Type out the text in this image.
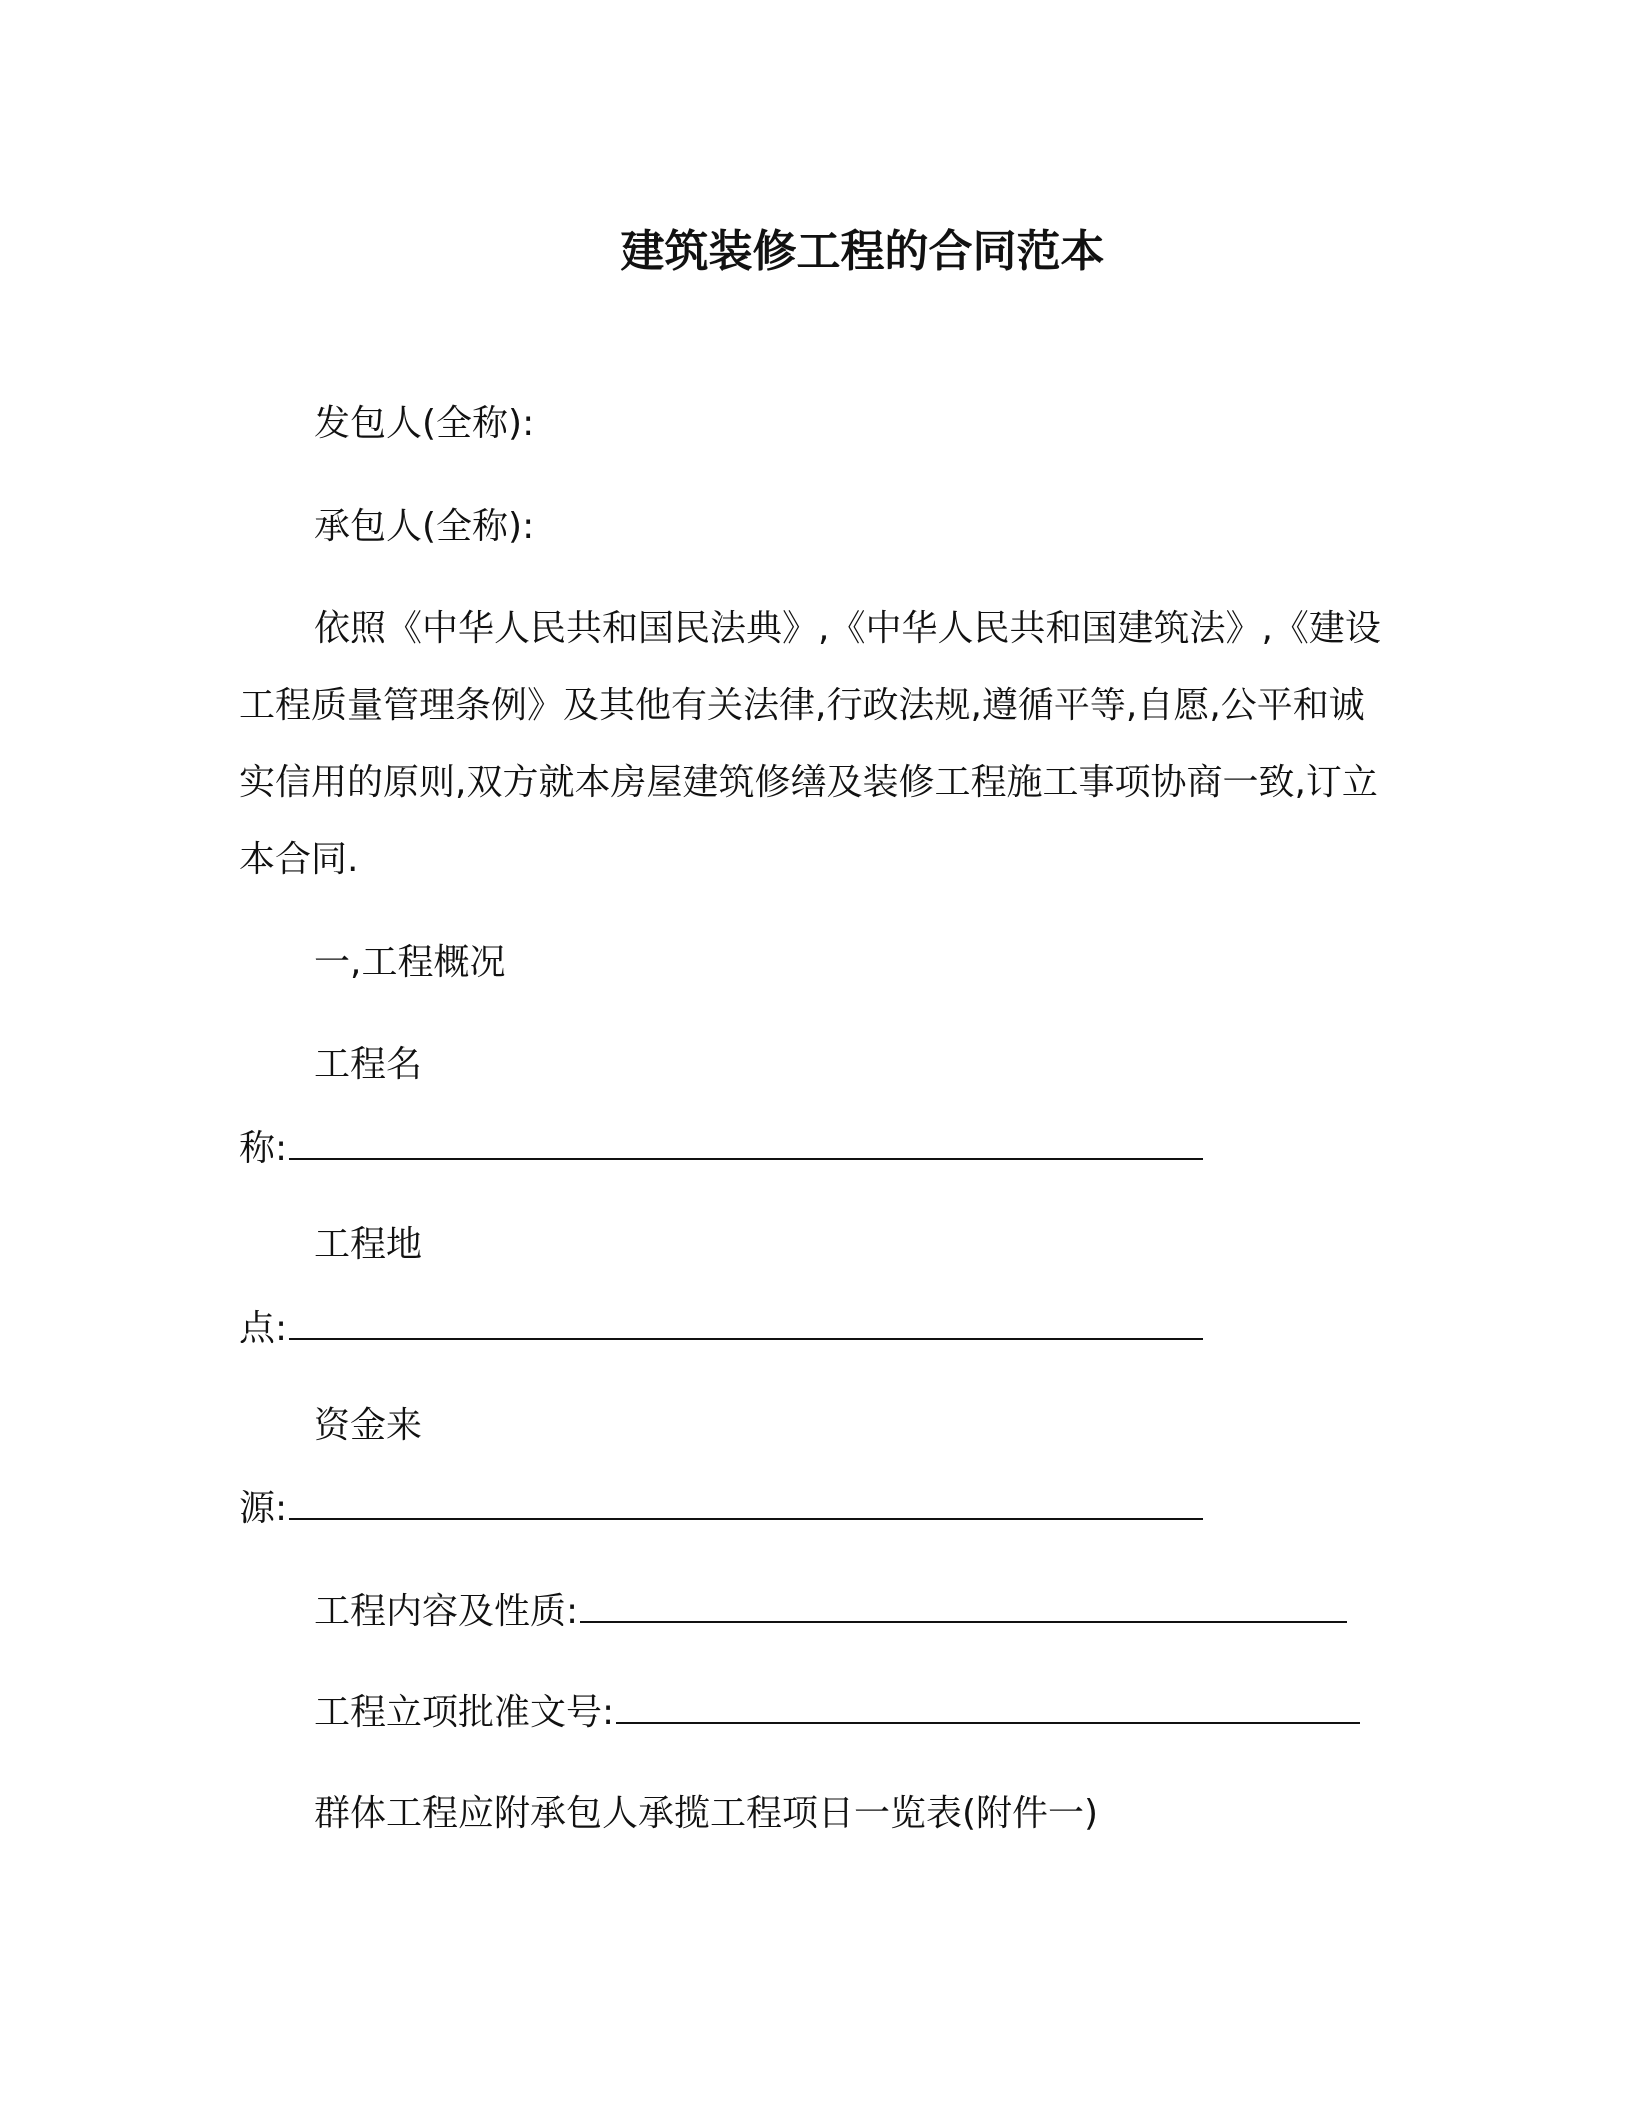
建筑装修工程的合同范本

发包人(全称):

承包人(全称):

依照《中华人民共和国民法典》,《中华人民共和国建筑法》,《建设工程质量管理条例》及其他有关法律,行政法规,遵循平等,自愿,公平和诚实信用的原则,双方就本房屋建筑修缮及装修工程施工事项协商一致,订立本合同.

一,工程概况

工程名

称:

工程地

点:

资金来

源:
工程内容及性质:
工程立项批准文号:

群体工程应附承包人承揽工程项日一览表(附件一)
